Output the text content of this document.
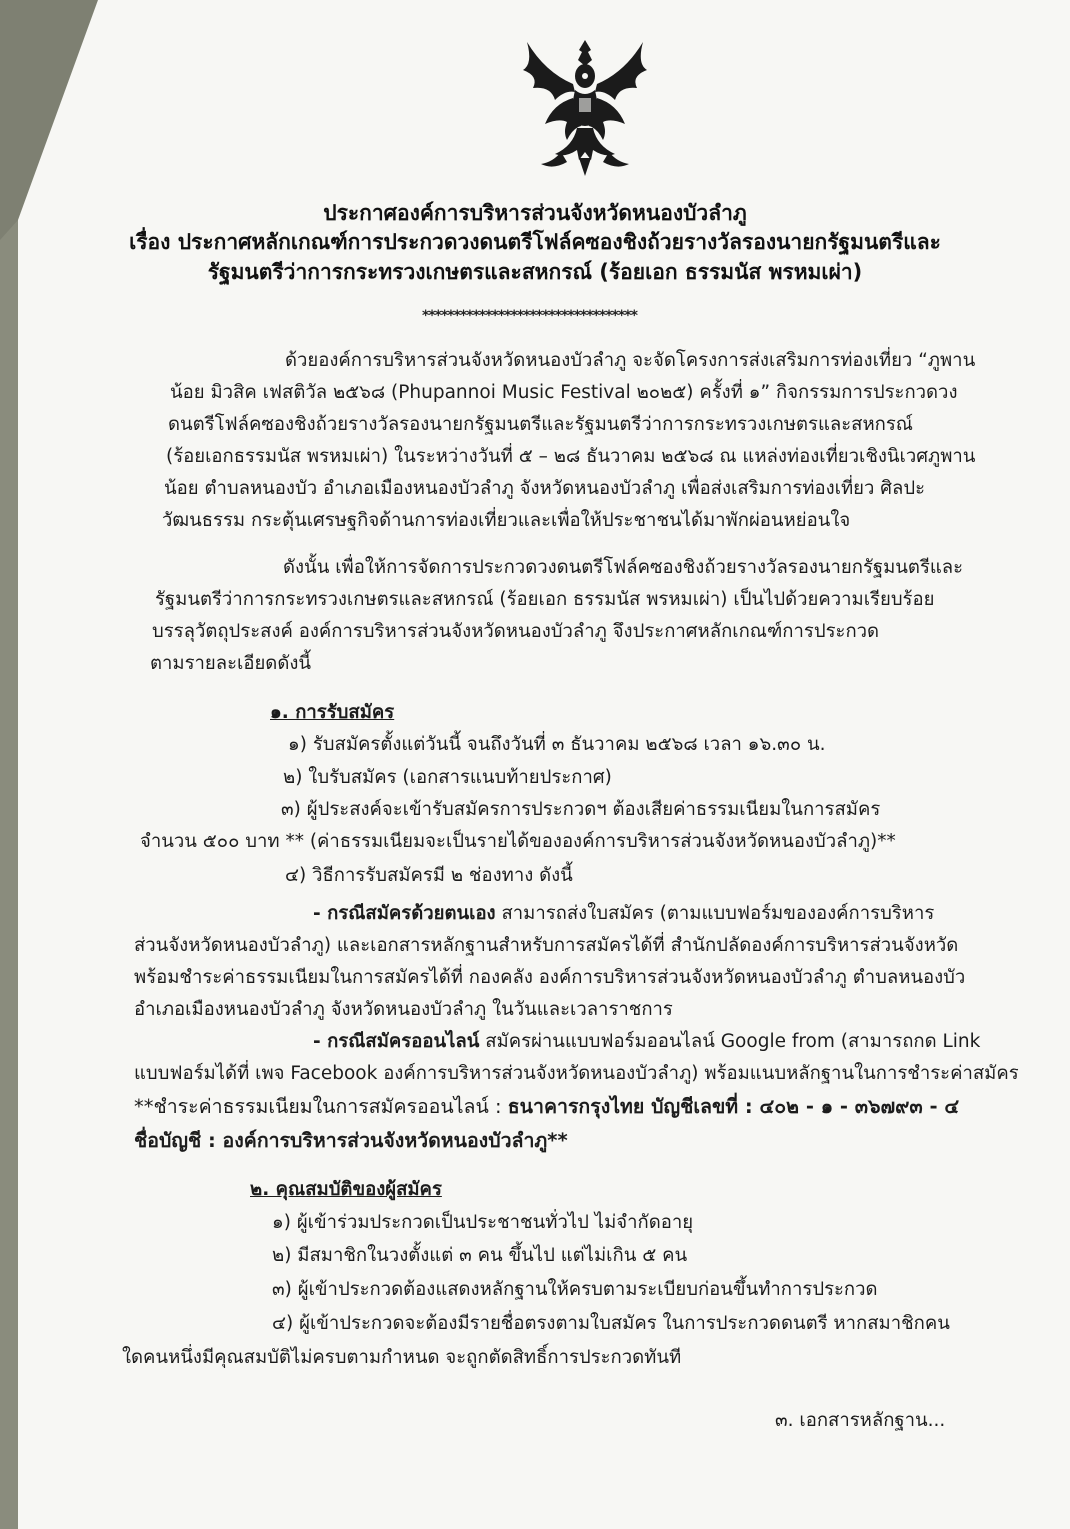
ประกาศองค์การบริหารส่วนจังหวัดหนองบัวลำภู
เรื่อง ประกาศหลักเกณฑ์การประกวดวงดนตรีโฟล์คซองชิงถ้วยรางวัลรองนายกรัฐมนตรีและ
รัฐมนตรีว่าการกระทรวงเกษตรและสหกรณ์ (ร้อยเอก ธรรมนัส พรหมเผ่า)
**********************************
ด้วยองค์การบริหารส่วนจังหวัดหนองบัวลำภู จะจัดโครงการส่งเสริมการท่องเที่ยว “ภูพาน
น้อย มิวสิค เฟสติวัล ๒๕๖๘ (Phupannoi Music Festival ๒๐๒๕) ครั้งที่ ๑” กิจกรรมการประกวดวง
ดนตรีโฟล์คซองชิงถ้วยรางวัลรองนายกรัฐมนตรีและรัฐมนตรีว่าการกระทรวงเกษตรและสหกรณ์
(ร้อยเอกธรรมนัส พรหมเผ่า) ในระหว่างวันที่ ๕ – ๒๘ ธันวาคม ๒๕๖๘ ณ แหล่งท่องเที่ยวเชิงนิเวศภูพาน
น้อย ตำบลหนองบัว อำเภอเมืองหนองบัวลำภู จังหวัดหนองบัวลำภู เพื่อส่งเสริมการท่องเที่ยว ศิลปะ
วัฒนธรรม กระตุ้นเศรษฐกิจด้านการท่องเที่ยวและเพื่อให้ประชาชนได้มาพักผ่อนหย่อนใจ
ดังนั้น เพื่อให้การจัดการประกวดวงดนตรีโฟล์คซองชิงถ้วยรางวัลรองนายกรัฐมนตรีและ
รัฐมนตรีว่าการกระทรวงเกษตรและสหกรณ์ (ร้อยเอก ธรรมนัส พรหมเผ่า) เป็นไปด้วยความเรียบร้อย
บรรลุวัตถุประสงค์ องค์การบริหารส่วนจังหวัดหนองบัวลำภู จึงประกาศหลักเกณฑ์การประกวด
ตามรายละเอียดดังนี้
๑. การรับสมัคร
๑) รับสมัครตั้งแต่วันนี้ จนถึงวันที่ ๓ ธันวาคม ๒๕๖๘ เวลา ๑๖.๓๐ น.
๒) ใบรับสมัคร (เอกสารแนบท้ายประกาศ)
๓) ผู้ประสงค์จะเข้ารับสมัครการประกวดฯ ต้องเสียค่าธรรมเนียมในการสมัคร
จำนวน ๕๐๐ บาท ** (ค่าธรรมเนียมจะเป็นรายได้ขององค์การบริหารส่วนจังหวัดหนองบัวลำภู)**
๔) วิธีการรับสมัครมี ๒ ช่องทาง ดังนี้
- กรณีสมัครด้วยตนเอง สามารถส่งใบสมัคร (ตามแบบฟอร์มขององค์การบริหาร
ส่วนจังหวัดหนองบัวลำภู) และเอกสารหลักฐานสำหรับการสมัครได้ที่ สำนักปลัดองค์การบริหารส่วนจังหวัด
พร้อมชำระค่าธรรมเนียมในการสมัครได้ที่ กองคลัง องค์การบริหารส่วนจังหวัดหนองบัวลำภู ตำบลหนองบัว
อำเภอเมืองหนองบัวลำภู จังหวัดหนองบัวลำภู ในวันและเวลาราชการ
- กรณีสมัครออนไลน์ สมัครผ่านแบบฟอร์มออนไลน์ Google from (สามารถกด Link
แบบฟอร์มได้ที่ เพจ Facebook องค์การบริหารส่วนจังหวัดหนองบัวลำภู) พร้อมแนบหลักฐานในการชำระค่าสมัคร
**ชำระค่าธรรมเนียมในการสมัครออนไลน์ : ธนาคารกรุงไทย บัญชีเลขที่ : ๔๐๒ - ๑ - ๓๖๗๙๓ - ๔
ชื่อบัญชี : องค์การบริหารส่วนจังหวัดหนองบัวลำภู**
๒. คุณสมบัติของผู้สมัคร
๑) ผู้เข้าร่วมประกวดเป็นประชาชนทั่วไป ไม่จำกัดอายุ
๒) มีสมาชิกในวงตั้งแต่ ๓ คน ขึ้นไป แต่ไม่เกิน ๕ คน
๓) ผู้เข้าประกวดต้องแสดงหลักฐานให้ครบตามระเบียบก่อนขึ้นทำการประกวด
๔) ผู้เข้าประกวดจะต้องมีรายชื่อตรงตามใบสมัคร ในการประกวดดนตรี หากสมาชิกคน
ใดคนหนึ่งมีคุณสมบัติไม่ครบตามกำหนด จะถูกตัดสิทธิ์การประกวดทันที
๓. เอกสารหลักฐาน...
